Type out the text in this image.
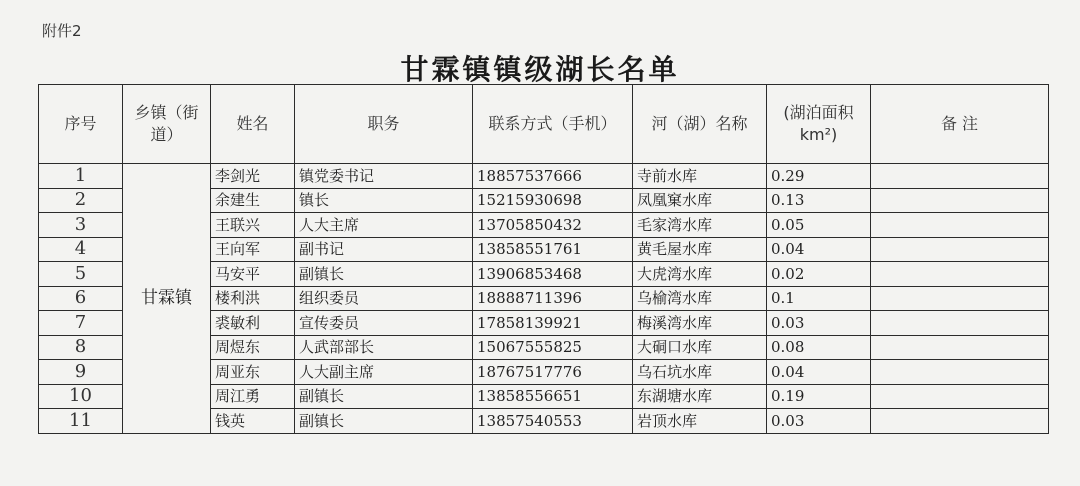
附件2
甘霖镇镇级湖长名单
序号	乡镇（街道）	姓名	职务	联系方式（手机）	河（湖）名称	(湖泊面积km²)	备 注
1	甘霖镇	李剑光	镇党委书记	18857537666	寺前水库	0.29	
2		余建生	镇长	15215930698	凤凰窠水库	0.13	
3		王联兴	人大主席	13705850432	毛家湾水库	0.05	
4		王向军	副书记	13858551761	黄毛屋水库	0.04	
5		马安平	副镇长	13906853468	大虎湾水库	0.02	
6		楼利洪	组织委员	18888711396	乌榆湾水库	0.1	
7		裘敏利	宣传委员	17858139921	梅溪湾水库	0.03	
8		周煜东	人武部部长	15067555825	大硐口水库	0.08	
9		周亚东	人大副主席	18767517776	乌石坑水库	0.04	
10		周江勇	副镇长	13858556651	东湖塘水库	0.19	
11		钱英	副镇长	13857540553	岩顶水库	0.03	
